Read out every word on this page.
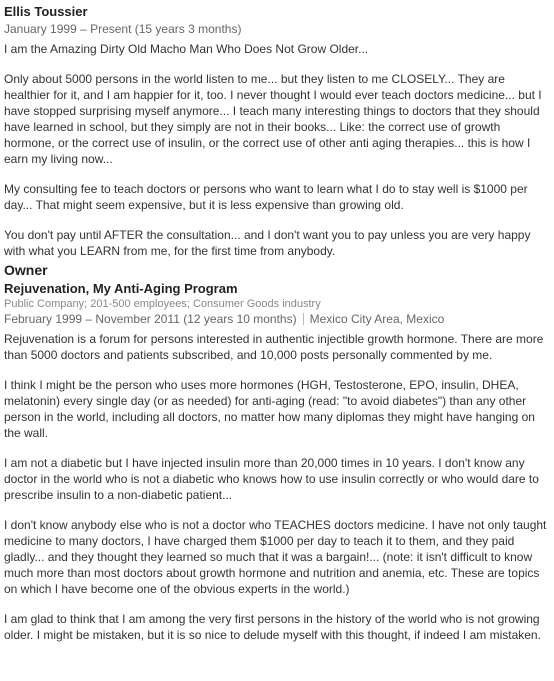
Ellis Toussier
January 1999 – Present (15 years 3 months)

I am the Amazing Dirty Old Macho Man Who Does Not Grow Older...

Only about 5000 persons in the world listen to me... but they listen to me CLOSELY... They are healthier for it, and I am happier for it, too. I never thought I would ever teach doctors medicine... but I have stopped surprising myself anymore... I teach many interesting things to doctors that they should have learned in school, but they simply are not in their books... Like: the correct use of growth hormone, or the correct use of insulin, or the correct use of other anti aging therapies... this is how I earn my living now...

My consulting fee to teach doctors or persons who want to learn what I do to stay well is $1000 per day... That might seem expensive, but it is less expensive than growing old.

You don't pay until AFTER the consultation... and I don't want you to pay unless you are very happy with what you LEARN from me, for the first time from anybody.

Owner
Rejuvenation, My Anti-Aging Program
Public Company; 201-500 employees; Consumer Goods industry
February 1999 – November 2011 (12 years 10 months) Mexico City Area, Mexico

Rejuvenation is a forum for persons interested in authentic injectible growth hormone. There are more than 5000 doctors and patients subscribed, and 10,000 posts personally commented by me.

I think I might be the person who uses more hormones (HGH, Testosterone, EPO, insulin, DHEA, melatonin) every single day (or as needed) for anti-aging (read: "to avoid diabetes") than any other person in the world, including all doctors, no matter how many diplomas they might have hanging on the wall.

I am not a diabetic but I have injected insulin more than 20,000 times in 10 years. I don't know any doctor in the world who is not a diabetic who knows how to use insulin correctly or who would dare to prescribe insulin to a non-diabetic patient...

I don't know anybody else who is not a doctor who TEACHES doctors medicine. I have not only taught medicine to many doctors, I have charged them $1000 per day to teach it to them, and they paid gladly... and they thought they learned so much that it was a bargain!... (note: it isn't difficult to know much more than most doctors about growth hormone and nutrition and anemia, etc. These are topics on which I have become one of the obvious experts in the world.)

I am glad to think that I am among the very first persons in the history of the world who is not growing older. I might be mistaken, but it is so nice to delude myself with this thought, if indeed I am mistaken.
